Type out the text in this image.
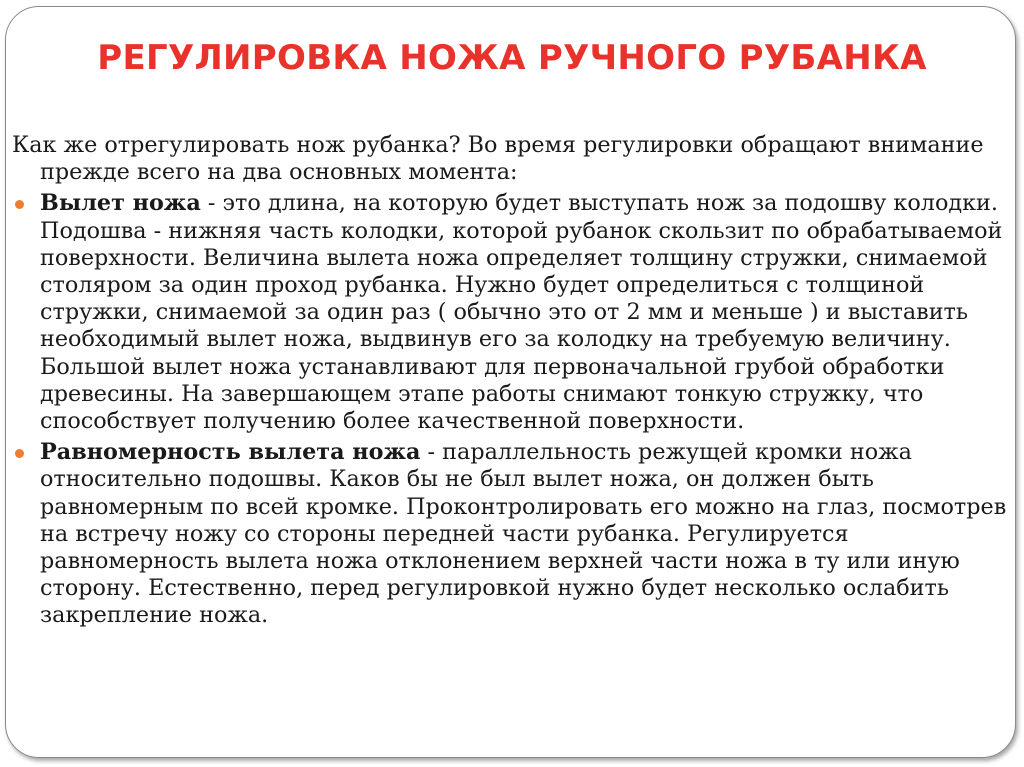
РЕГУЛИРОВКА НОЖА РУЧНОГО РУБАНКА

Как же отрегулировать нож рубанка? Во время регулировки обращают внимание прежде всего на два основных момента:

Вылет ножа - это длина, на которую будет выступать нож за подошву колодки. Подошва - нижняя часть колодки, которой рубанок скользит по обрабатываемой поверхности. Величина вылета ножа определяет толщину стружки, снимаемой столяром за один проход рубанка. Нужно будет определиться с толщиной стружки, снимаемой за один раз ( обычно это от 2 мм и меньше ) и выставить необходимый вылет ножа, выдвинув его за колодку на требуемую величину. Большой вылет ножа устанавливают для первоначальной грубой обработки древесины. На завершающем этапе работы снимают тонкую стружку, что способствует получению более качественной поверхности.
Равномерность вылета ножа - параллельность режущей кромки ножа относительно подошвы. Каков бы не был вылет ножа, он должен быть равномерным по всей кромке. Проконтролировать его можно на глаз, посмотрев на встречу ножу со стороны передней части рубанка. Регулируется равномерность вылета ножа отклонением верхней части ножа в ту или иную сторону. Естественно, перед регулировкой нужно будет несколько ослабить закрепление ножа.
